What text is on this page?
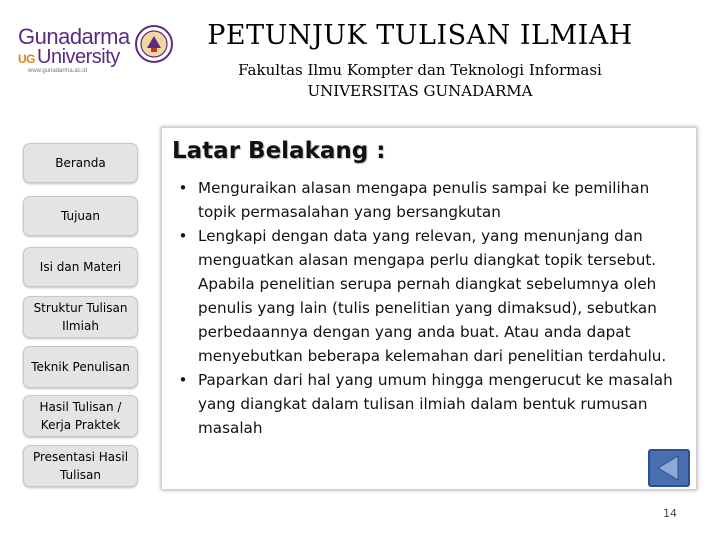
Gunadarma
UG University
www.gunadarma.ac.id
PETUNJUK TULISAN ILMIAH
Fakultas Ilmu Kompter dan Teknologi Informasi
UNIVERSITAS GUNADARMA
Beranda
Tujuan
Isi dan Materi
Struktur Tulisan Ilmiah
Teknik Penulisan
Hasil Tulisan / Kerja Praktek
Presentasi Hasil Tulisan
Latar Belakang :
• Menguraikan alasan mengapa penulis sampai ke pemilihan topik permasalahan yang bersangkutan
• Lengkapi dengan data yang relevan, yang menunjang dan menguatkan alasan mengapa perlu diangkat topik tersebut. Apabila penelitian serupa pernah diangkat sebelumnya oleh penulis yang lain (tulis penelitian yang dimaksud), sebutkan perbedaannya dengan yang anda buat. Atau anda dapat menyebutkan beberapa kelemahan dari penelitian terdahulu.
• Paparkan dari hal yang umum hingga mengerucut ke masalah yang diangkat dalam tulisan ilmiah dalam bentuk rumusan masalah
14
